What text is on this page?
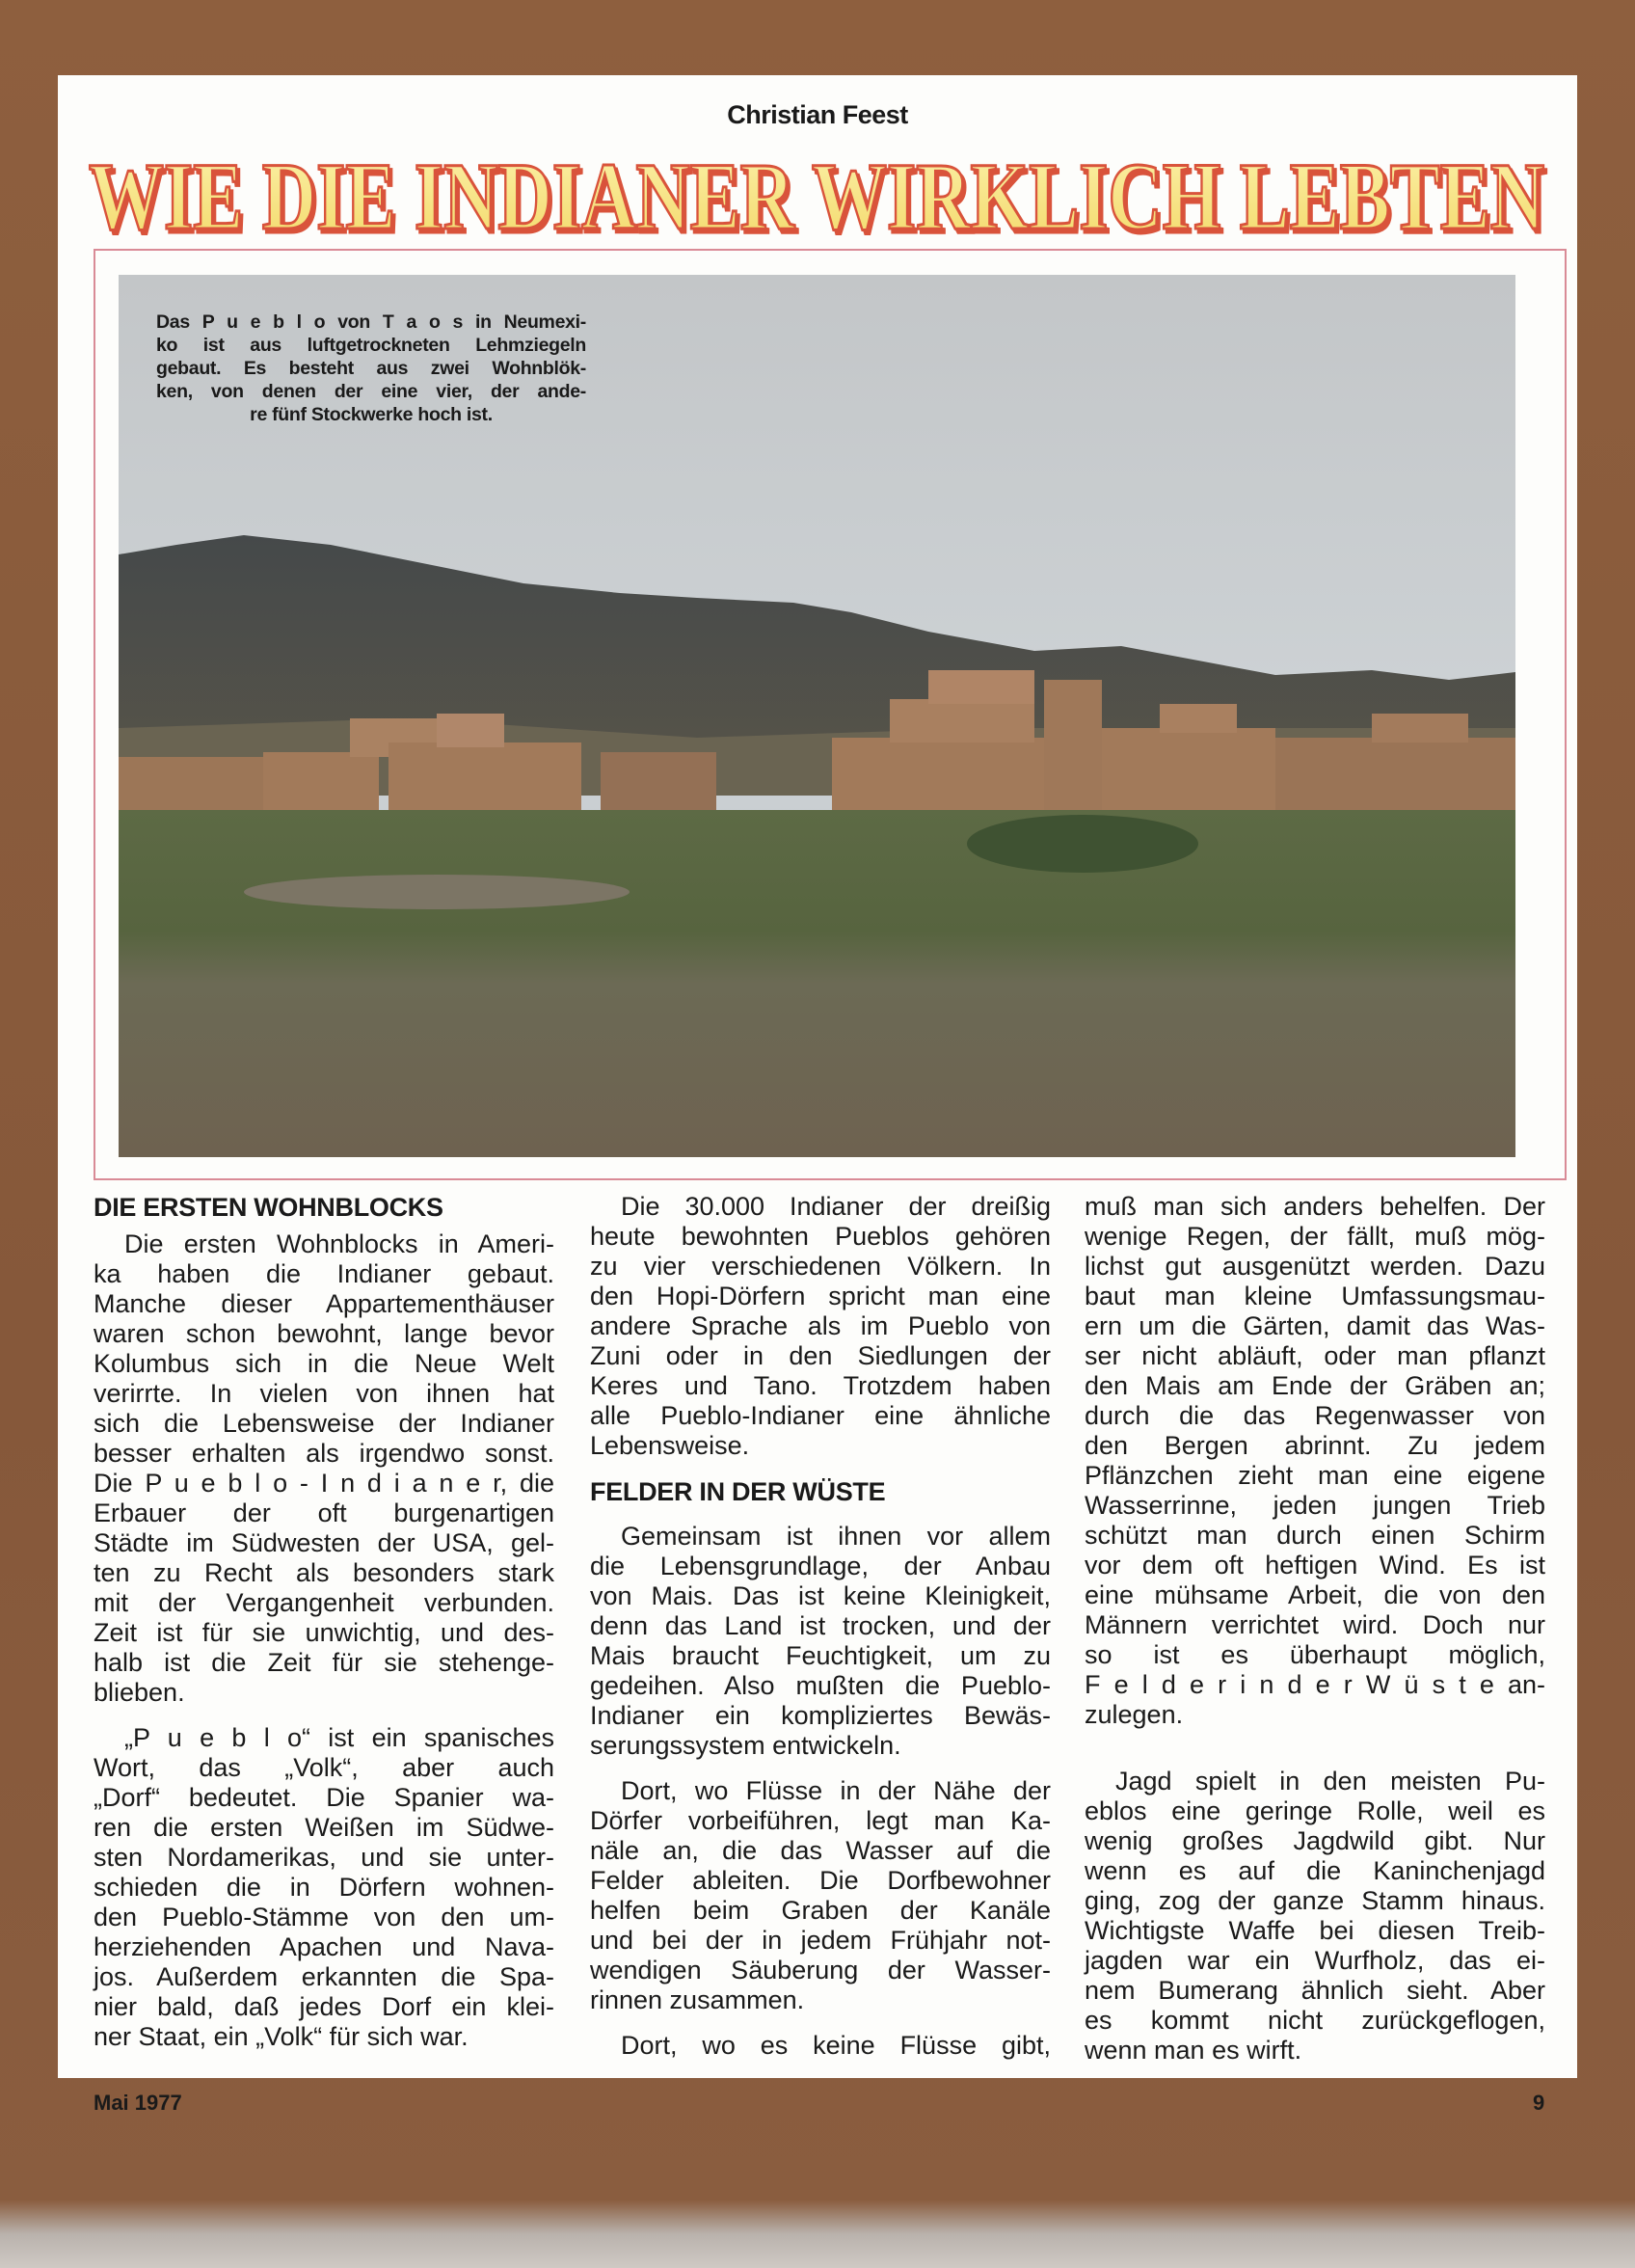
Christian Feest
WIE DIE INDIANER WIRKLICH LEBTEN
Das P u e b l o von T a o s in Neumexi-
ko ist aus luftgetrockneten Lehmziegeln
gebaut. Es besteht aus zwei Wohnblök-
ken, von denen der eine vier, der ande-
re fünf Stockwerke hoch ist.
DIE ERSTEN WOHNBLOCKS
Die ersten Wohnblocks in Ameri-
ka haben die Indianer gebaut.
Manche dieser Appartementhäuser
waren schon bewohnt, lange bevor
Kolumbus sich in die Neue Welt
verirrte. In vielen von ihnen hat
sich die Lebensweise der Indianer
besser erhalten als irgendwo sonst.
Die P u e b l o - I n d i a n e r, die
Erbauer der oft burgenartigen
Städte im Südwesten der USA, gel-
ten zu Recht als besonders stark
mit der Vergangenheit verbunden.
Zeit ist für sie unwichtig, und des-
halb ist die Zeit für sie stehenge-
blieben.
„P u e b l o“ ist ein spanisches
Wort, das „Volk“, aber auch
„Dorf“ bedeutet. Die Spanier wa-
ren die ersten Weißen im Südwe-
sten Nordamerikas, und sie unter-
schieden die in Dörfern wohnen-
den Pueblo-Stämme von den um-
herziehenden Apachen und Nava-
jos. Außerdem erkannten die Spa-
nier bald, daß jedes Dorf ein klei-
ner Staat, ein „Volk“ für sich war.
Die 30.000 Indianer der dreißig
heute bewohnten Pueblos gehören
zu vier verschiedenen Völkern. In
den Hopi-Dörfern spricht man eine
andere Sprache als im Pueblo von
Zuni oder in den Siedlungen der
Keres und Tano. Trotzdem haben
alle Pueblo-Indianer eine ähnliche
Lebensweise.
FELDER IN DER WÜSTE
Gemeinsam ist ihnen vor allem
die Lebensgrundlage, der Anbau
von Mais. Das ist keine Kleinigkeit,
denn das Land ist trocken, und der
Mais braucht Feuchtigkeit, um zu
gedeihen. Also mußten die Pueblo-
Indianer ein kompliziertes Bewäs-
serungssystem entwickeln.
Dort, wo Flüsse in der Nähe der
Dörfer vorbeiführen, legt man Ka-
näle an, die das Wasser auf die
Felder ableiten. Die Dorfbewohner
helfen beim Graben der Kanäle
und bei der in jedem Frühjahr not-
wendigen Säuberung der Wasser-
rinnen zusammen.
Dort, wo es keine Flüsse gibt,
muß man sich anders behelfen. Der
wenige Regen, der fällt, muß mög-
lichst gut ausgenützt werden. Dazu
baut man kleine Umfassungsmau-
ern um die Gärten, damit das Was-
ser nicht abläuft, oder man pflanzt
den Mais am Ende der Gräben an;
durch die das Regenwasser von
den Bergen abrinnt. Zu jedem
Pflänzchen zieht man eine eigene
Wasserrinne, jeden jungen Trieb
schützt man durch einen Schirm
vor dem oft heftigen Wind. Es ist
eine mühsame Arbeit, die von den
Männern verrichtet wird. Doch nur
so ist es überhaupt möglich,
F e l d e r i n d e r W ü s t e an-
zulegen.
Jagd spielt in den meisten Pu-
eblos eine geringe Rolle, weil es
wenig großes Jagdwild gibt. Nur
wenn es auf die Kaninchenjagd
ging, zog der ganze Stamm hinaus.
Wichtigste Waffe bei diesen Treib-
jagden war ein Wurfholz, das ei-
nem Bumerang ähnlich sieht. Aber
es kommt nicht zurückgeflogen,
wenn man es wirft.
Mai 1977	9
